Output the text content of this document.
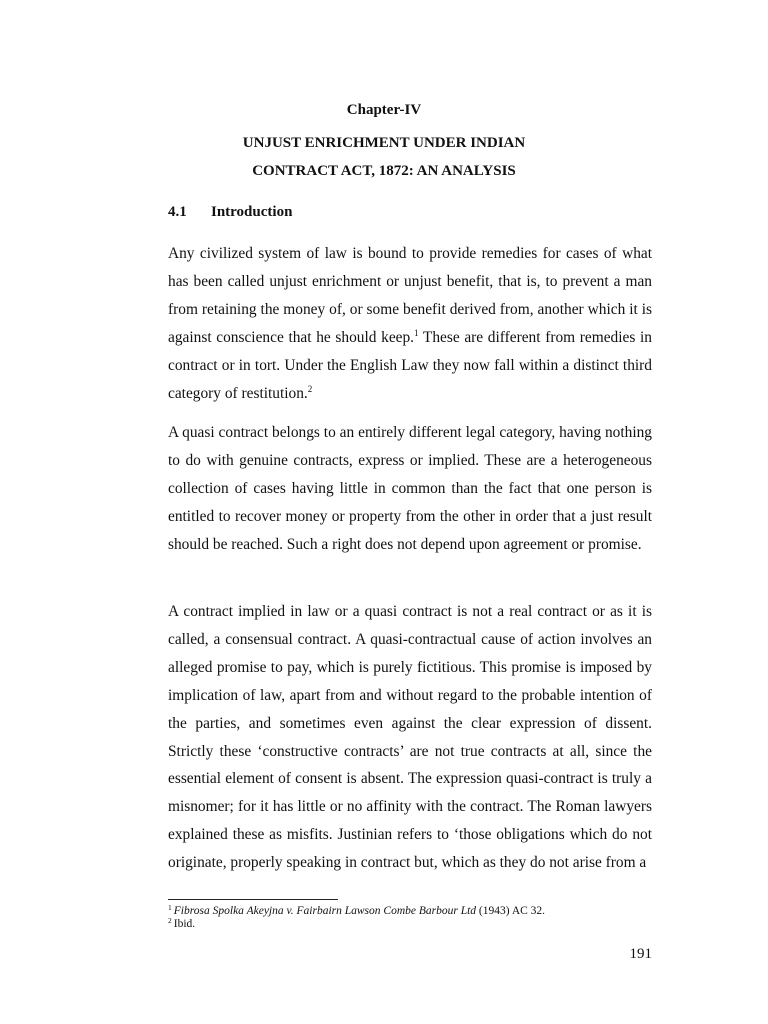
Chapter-IV
UNJUST ENRICHMENT UNDER INDIAN
CONTRACT ACT, 1872: AN ANALYSIS
4.1 Introduction

Any civilized system of law is bound to provide remedies for cases of what has been called unjust enrichment or unjust benefit, that is, to prevent a man from retaining the money of, or some benefit derived from, another which it is against conscience that he should keep.$^1$ These are different from remedies in contract or in tort. Under the English Law they now fall within a distinct third category of restitution.$^2$

A quasi contract belongs to an entirely different legal category, having nothing to do with genuine contracts, express or implied. These are a heterogeneous collection of cases having little in common than the fact that one person is entitled to recover money or property from the other in order that a just result should be reached. Such a right does not depend upon agreement or promise.

A contract implied in law or a quasi contract is not a real contract or as it is called, a consensual contract. A quasi-contractual cause of action involves an alleged promise to pay, which is purely fictitious. This promise is imposed by implication of law, apart from and without regard to the probable intention of the parties, and sometimes even against the clear expression of dissent. Strictly these ‘constructive contracts’ are not true contracts at all, since the essential element of consent is absent. The expression quasi-contract is truly a misnomer; for it has little or no affinity with the contract. The Roman lawyers explained these as misfits. Justinian refers to ‘those obligations which do not originate, properly speaking in contract but, which as they do not arise from a

$^1$ Fibrosa Spolka Akeyjna v. Fairbairn Lawson Combe Barbour Ltd (1943) AC 32.
$^2$ Ibid.
191
